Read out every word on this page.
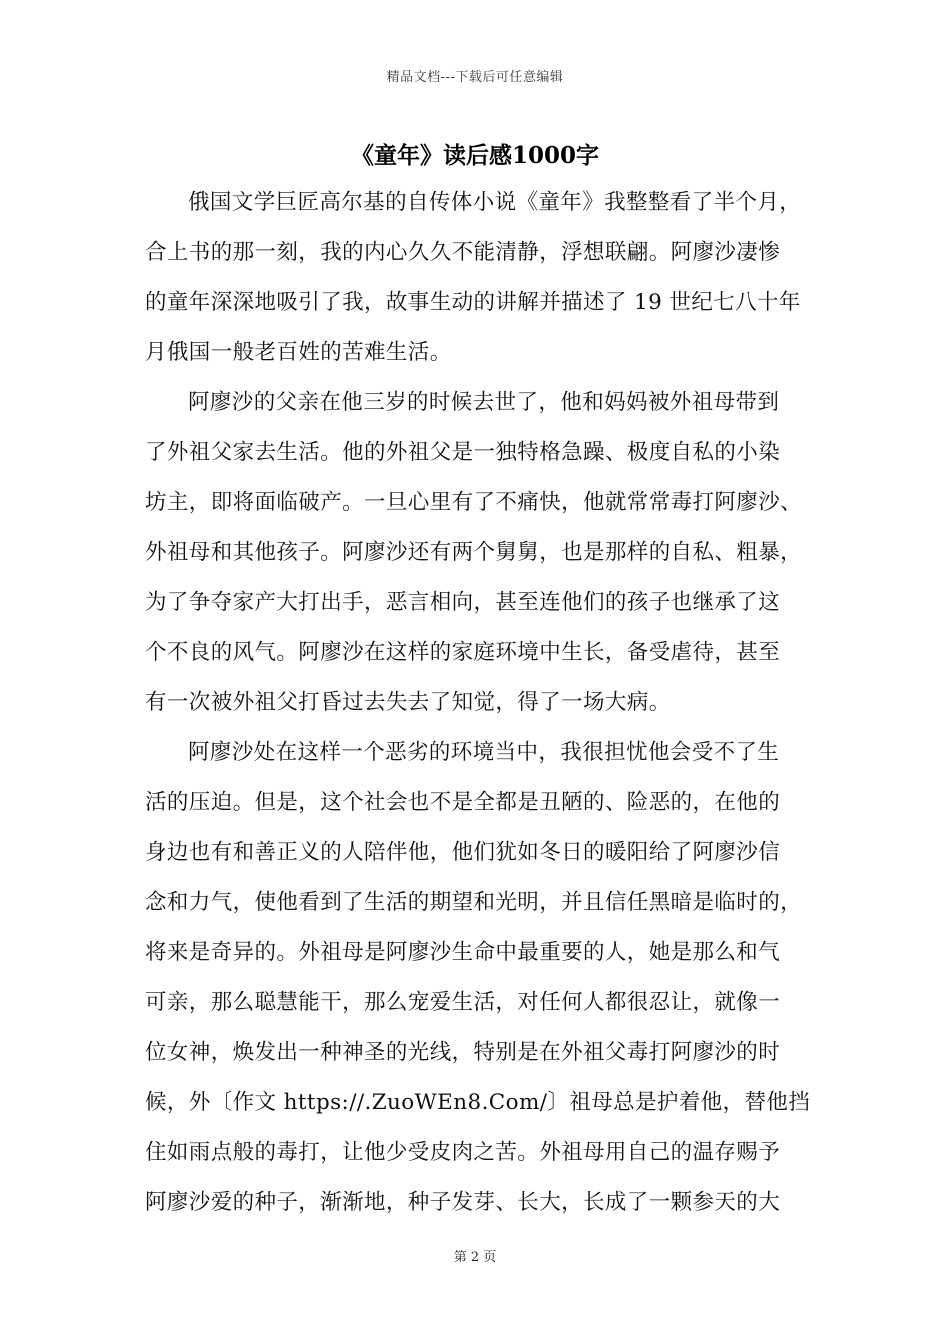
精品文档---下载后可任意编辑
《童年》读后感1000字

俄国文学巨匠高尔基的自传体小说《童年》我整整看了半个月，
合上书的那一刻，我的内心久久不能清静，浮想联翩。阿廖沙凄惨
的童年深深地吸引了我，故事生动的讲解并描述了 19 世纪七八十年
月俄国一般老百姓的苦难生活。

阿廖沙的父亲在他三岁的时候去世了，他和妈妈被外祖母带到
了外祖父家去生活。他的外祖父是一独特格急躁、极度自私的小染
坊主，即将面临破产。一旦心里有了不痛快，他就常常毒打阿廖沙、
外祖母和其他孩子。阿廖沙还有两个舅舅，也是那样的自私、粗暴，
为了争夺家产大打出手，恶言相向，甚至连他们的孩子也继承了这
个不良的风气。阿廖沙在这样的家庭环境中生长，备受虐待，甚至
有一次被外祖父打昏过去失去了知觉，得了一场大病。

阿廖沙处在这样一个恶劣的环境当中，我很担忧他会受不了生
活的压迫。但是，这个社会也不是全都是丑陋的、险恶的，在他的
身边也有和善正义的人陪伴他，他们犹如冬日的暖阳给了阿廖沙信
念和力气，使他看到了生活的期望和光明，并且信任黑暗是临时的，
将来是奇异的。外祖母是阿廖沙生命中最重要的人，她是那么和气
可亲，那么聪慧能干，那么宠爱生活，对任何人都很忍让，就像一
位女神，焕发出一种神圣的光线，特别是在外祖父毒打阿廖沙的时
候，外〔作文 https://.ZuoWEn8.Com/〕祖母总是护着他，替他挡
住如雨点般的毒打，让他少受皮肉之苦。外祖母用自己的温存赐予
阿廖沙爱的种子，渐渐地，种子发芽、长大，长成了一颗参天的大

第 2 页
